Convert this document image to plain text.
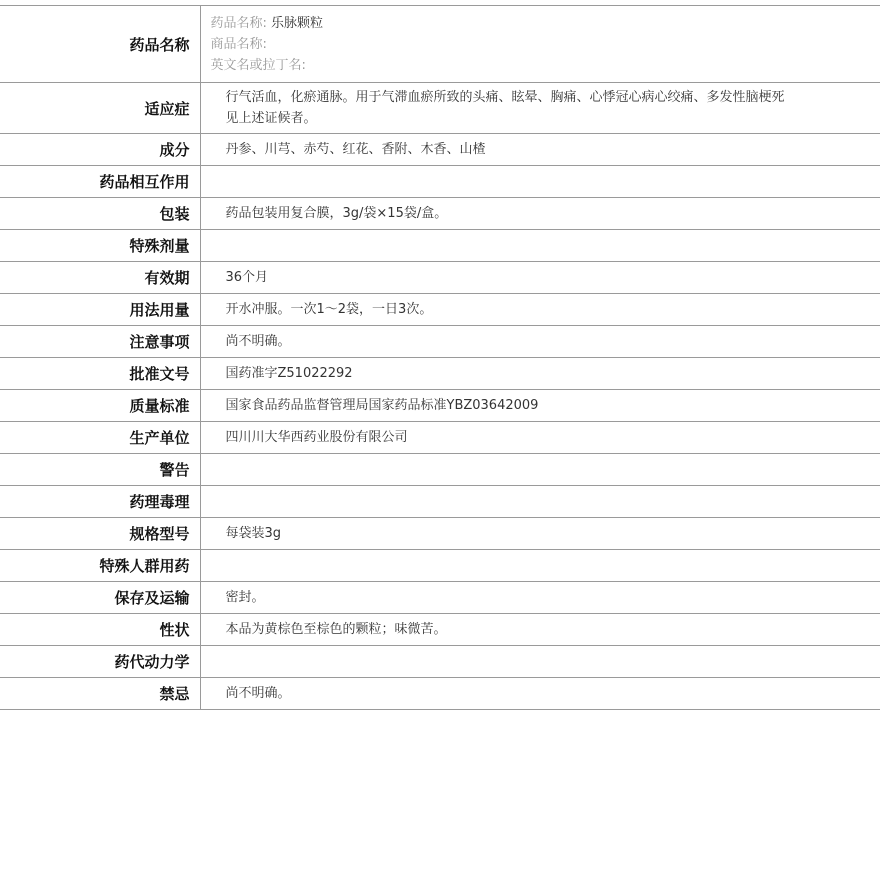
药品名称	药品名称: 乐脉颗粒
商品名称:
英文名或拉丁名:

适应症	行气活血，化瘀通脉。用于气滞血瘀所致的头痛、眩晕、胸痛、心悸冠心病心绞痛、多发性脑梗死见上述证候者。
成分	丹参、川芎、赤芍、红花、香附、木香、山楂
药品相互作用	
包装	药品包装用复合膜，3g/袋×15袋/盒。
特殊剂量	
有效期	36个月
用法用量	开水冲服。一次1～2袋，一日3次。
注意事项	尚不明确。
批准文号	国药准字Z51022292
质量标准	国家食品药品监督管理局国家药品标准YBZ03642009
生产单位	四川川大华西药业股份有限公司
警告	
药理毒理	
规格型号	每袋装3g
特殊人群用药	
保存及运输	密封。
性状	本品为黄棕色至棕色的颗粒；味微苦。
药代动力学	
禁忌	尚不明确。
